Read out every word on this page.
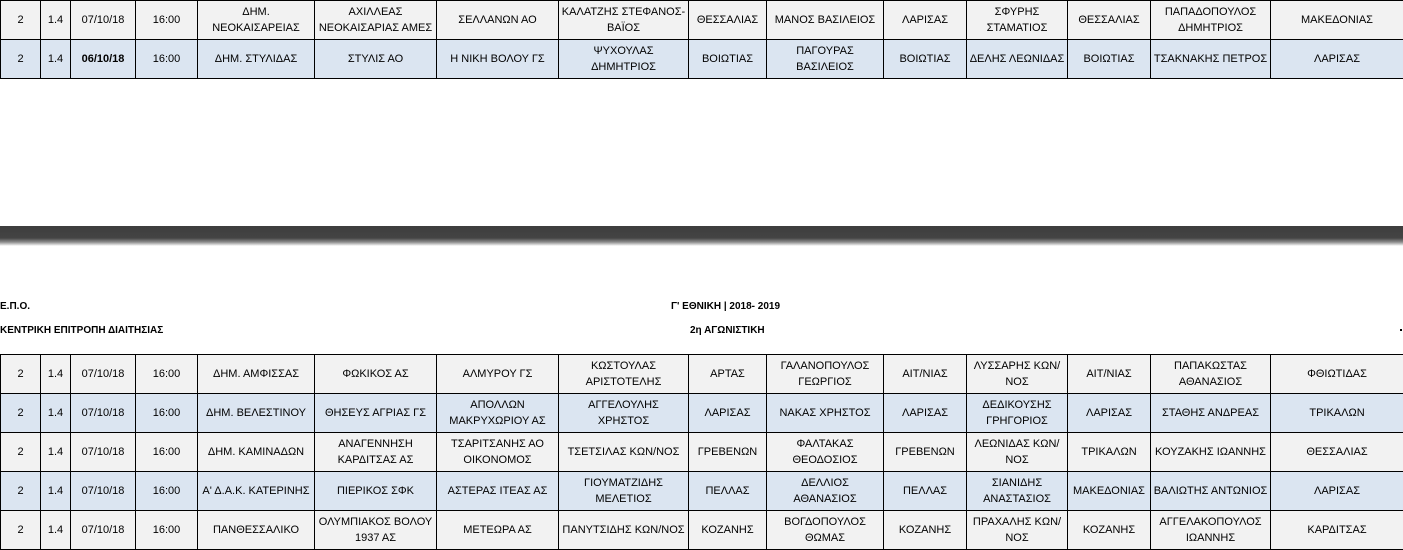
2	1.4	07/10/18	16:00	ΔΗΜ. ΝΕΟΚΑΙΣΑΡΕΙΑΣ	ΑΧΙΛΛΕΑΣ ΝΕΟΚΑΙΣΑΡΙΑΣ ΑΜΕΣ	ΣΕΛΛΑΝΩΝ ΑΟ	ΚΑΛΑΤΖΗΣ ΣΤΕΦΑΝΟΣ-ΒΑΪΟΣ	ΘΕΣΣΑΛΙΑΣ	ΜΑΝΟΣ ΒΑΣΙΛΕΙΟΣ	ΛΑΡΙΣΑΣ	ΣΦΥΡΗΣ ΣΤΑΜΑΤΙΟΣ	ΘΕΣΣΑΛΙΑΣ	ΠΑΠΑΔΟΠΟΥΛΟΣ ΔΗΜΗΤΡΙΟΣ	ΜΑΚΕΔΟΝΙΑΣ
2	1.4	06/10/18	16:00	ΔΗΜ. ΣΤΥΛΙΔΑΣ	ΣΤΥΛΙΣ ΑΟ	Η ΝΙΚΗ ΒΟΛΟΥ ΓΣ	ΨΥΧΟΥΛΑΣ ΔΗΜΗΤΡΙΟΣ	ΒΟΙΩΤΙΑΣ	ΠΑΓΟΥΡΑΣ ΒΑΣΙΛΕΙΟΣ	ΒΟΙΩΤΙΑΣ	ΔΕΛΗΣ ΛΕΩΝΙΔΑΣ	ΒΟΙΩΤΙΑΣ	ΤΣΑΚΝΑΚΗΣ ΠΕΤΡΟΣ	ΛΑΡΙΣΑΣ
Ε.Π.Ο.
ΚΕΝΤΡΙΚΗ ΕΠΙΤΡΟΠΗ ΔΙΑΙΤΗΣΙΑΣ
Γ' ΕΘΝΙΚΗ | 2018- 2019
2η ΑΓΩΝΙΣΤΙΚΗ
2	1.4	07/10/18	16:00	ΔΗΜ. ΑΜΦΙΣΣΑΣ	ΦΩΚΙΚΟΣ ΑΣ	ΑΛΜΥΡΟΥ ΓΣ	ΚΩΣΤΟΥΛΑΣ ΑΡΙΣΤΟΤΕΛΗΣ	ΑΡΤΑΣ	ΓΑΛΑΝΟΠΟΥΛΟΣ ΓΕΩΡΓΙΟΣ	ΑΙΤ/ΝΙΑΣ	ΛΥΣΣΑΡΗΣ ΚΩΝ/ΝΟΣ	ΑΙΤ/ΝΙΑΣ	ΠΑΠΑΚΩΣΤΑΣ ΑΘΑΝΑΣΙΟΣ	ΦΘΙΩΤΙΔΑΣ
2	1.4	07/10/18	16:00	ΔΗΜ. ΒΕΛΕΣΤΙΝΟΥ	ΘΗΣΕΥΣ ΑΓΡΙΑΣ ΓΣ	ΑΠΟΛΛΩΝ ΜΑΚΡΥΧΩΡΙΟΥ ΑΣ	ΑΓΓΕΛΟΥΛΗΣ ΧΡΗΣΤΟΣ	ΛΑΡΙΣΑΣ	ΝΑΚΑΣ ΧΡΗΣΤΟΣ	ΛΑΡΙΣΑΣ	ΔΕΔΙΚΟΥΣΗΣ ΓΡΗΓΟΡΙΟΣ	ΛΑΡΙΣΑΣ	ΣΤΑΘΗΣ ΑΝΔΡΕΑΣ	ΤΡΙΚΑΛΩΝ
2	1.4	07/10/18	16:00	ΔΗΜ. ΚΑΜΙΝΑΔΩΝ	ΑΝΑΓΕΝΝΗΣΗ ΚΑΡΔΙΤΣΑΣ ΑΣ	ΤΣΑΡΙΤΣΑΝΗΣ ΑΟ ΟΙΚΟΝΟΜΟΣ	ΤΣΕΤΣΙΛΑΣ ΚΩΝ/ΝΟΣ	ΓΡΕΒΕΝΩΝ	ΦΑΛΤΑΚΑΣ ΘΕΟΔΟΣΙΟΣ	ΓΡΕΒΕΝΩΝ	ΛΕΩΝΙΔΑΣ ΚΩΝ/ΝΟΣ	ΤΡΙΚΑΛΩΝ	ΚΟΥΖΑΚΗΣ ΙΩΑΝΝΗΣ	ΘΕΣΣΑΛΙΑΣ
2	1.4	07/10/18	16:00	Α' Δ.Α.Κ. ΚΑΤΕΡΙΝΗΣ	ΠΙΕΡΙΚΟΣ ΣΦΚ	ΑΣΤΕΡΑΣ ΙΤΕΑΣ ΑΣ	ΓΙΟΥΜΑΤΖΙΔΗΣ ΜΕΛΕΤΙΟΣ	ΠΕΛΛΑΣ	ΔΕΛΛΙΟΣ ΑΘΑΝΑΣΙΟΣ	ΠΕΛΛΑΣ	ΣΙΑΝΙΔΗΣ ΑΝΑΣΤΑΣΙΟΣ	ΜΑΚΕΔΟΝΙΑΣ	ΒΑΛΙΩΤΗΣ ΑΝΤΩΝΙΟΣ	ΛΑΡΙΣΑΣ
2	1.4	07/10/18	16:00	ΠΑΝΘΕΣΣΑΛΙΚΟ	ΟΛΥΜΠΙΑΚΟΣ ΒΟΛΟΥ 1937 ΑΣ	ΜΕΤΕΩΡΑ ΑΣ	ΠΑΝΥΤΣΙΔΗΣ ΚΩΝ/ΝΟΣ	ΚΟΖΑΝΗΣ	ΒΟΓΔΟΠΟΥΛΟΣ ΘΩΜΑΣ	ΚΟΖΑΝΗΣ	ΠΡΑΧΑΛΗΣ ΚΩΝ/ΝΟΣ	ΚΟΖΑΝΗΣ	ΑΓΓΕΛΑΚΟΠΟΥΛΟΣ ΙΩΑΝΝΗΣ	ΚΑΡΔΙΤΣΑΣ
